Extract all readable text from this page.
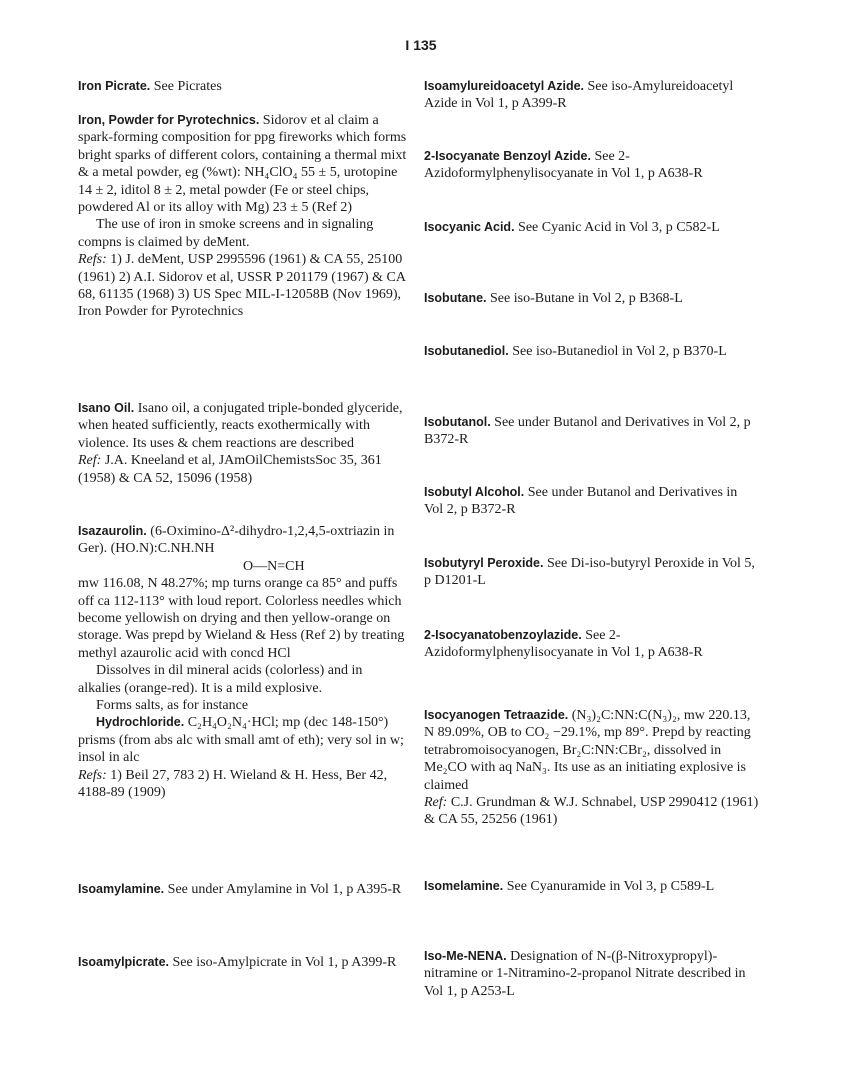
I 135

Iron Picrate. See Picrates

Iron, Powder for Pyrotechnics. Sidorov et al claim a spark-forming composition for ppg fireworks which forms bright sparks of different colors, containing a thermal mixt & a metal powder, eg (%wt): NH₄ClO₄ 55 ± 5, urotopine 14 ± 2, iditol 8 ± 2, metal powder (Fe or steel chips, powdered Al or its alloy with Mg) 23 ± 5 (Ref 2)

The use of iron in smoke screens and in signaling compns is claimed by deMent.

Refs: 1) J. deMent, USP 2995596 (1961) & CA 55, 25100 (1961) 2) A.I. Sidorov et al, USSR P 201179 (1967) & CA 68, 61135 (1968) 3) US Spec MIL-I-12058B (Nov 1969), Iron Powder for Pyrotechnics

Isano Oil. Isano oil, a conjugated triple-bonded glyceride, when heated sufficiently, reacts exothermically with violence. Its uses & chem reactions are described

Ref: J.A. Kneeland et al, JAmOilChemistsSoc 35, 361 (1958) & CA 52, 15096 (1958)

Isazaurolin. (6-Oximino-Δ²-dihydro-1,2,4,5-oxtriazin in Ger). (HO.N):C.NH.NH

O—N=CH

mw 116.08, N 48.27%; mp turns orange ca 85° and puffs off ca 112-113° with loud report. Colorless needles which become yellowish on drying and then yellow-orange on storage. Was prepd by Wieland & Hess (Ref 2) by treating methyl azaurolic acid with concd HCl

Dissolves in dil mineral acids (colorless) and in alkalies (orange-red). It is a mild explosive.

Forms salts, as for instance

Hydrochloride. C₂H₄O₂N₄·HCl; mp (dec 148-150°) prisms (from abs alc with small amt of eth); very sol in w; insol in alc

Refs: 1) Beil 27, 783 2) H. Wieland & H. Hess, Ber 42, 4188-89 (1909)

Isoamylamine. See under Amylamine in Vol 1, p A395-R

Isoamylpicrate. See iso-Amylpicrate in Vol 1, p A399-R

Isoamylureidoacetyl Azide. See iso-Amylureidoacetyl Azide in Vol 1, p A399-R

2-Isocyanate Benzoyl Azide. See 2-Azidoformylphenylisocyanate in Vol 1, p A638-R

Isocyanic Acid. See Cyanic Acid in Vol 3, p C582-L

Isobutane. See iso-Butane in Vol 2, p B368-L

Isobutanediol. See iso-Butanediol in Vol 2, p B370-L

Isobutanol. See under Butanol and Derivatives in Vol 2, p B372-R

Isobutyl Alcohol. See under Butanol and Derivatives in Vol 2, p B372-R

Isobutyryl Peroxide. See Di-iso-butyryl Peroxide in Vol 5, p D1201-L

2-Isocyanatobenzoylazide. See 2-Azidoformylphenylisocyanate in Vol 1, p A638-R

Isocyanogen Tetraazide. (N₃)₂C:NN:C(N₃)₂, mw 220.13, N 89.09%, OB to CO₂ −29.1%, mp 89°. Prepd by reacting tetrabromoisocyanogen, Br₂C:NN:CBr₂, dissolved in Me₂CO with aq NaN₃. Its use as an initiating explosive is claimed

Ref: C.J. Grundman & W.J. Schnabel, USP 2990412 (1961) & CA 55, 25256 (1961)

Isomelamine. See Cyanuramide in Vol 3, p C589-L

Iso-Me-NENA. Designation of N-(β-Nitroxypropyl)-nitramine or 1-Nitramino-2-propanol Nitrate described in Vol 1, p A253-L
